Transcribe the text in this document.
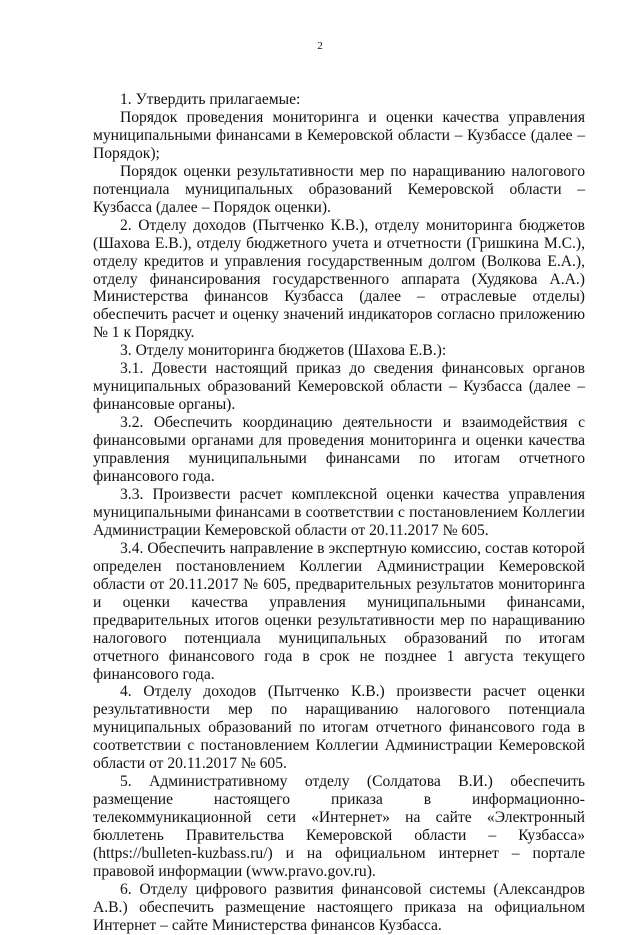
2

1. Утвердить прилагаемые:

Порядок проведения мониторинга и оценки качества управления муниципальными финансами в Кемеровской области – Кузбассе (далее – Порядок);

Порядок оценки результативности мер по наращиванию налогового потенциала муниципальных образований Кемеровской области – Кузбасса (далее – Порядок оценки).

2. Отделу доходов (Пытченко К.В.), отделу мониторинга бюджетов (Шахова Е.В.), отделу бюджетного учета и отчетности (Гришкина М.С.), отделу кредитов и управления государственным долгом (Волкова Е.А.), отделу финансирования государственного аппарата (Худякова А.А.) Министерства финансов Кузбасса (далее – отраслевые отделы) обеспечить расчет и оценку значений индикаторов согласно приложению № 1 к Порядку.

3. Отделу мониторинга бюджетов (Шахова Е.В.):

3.1. Довести настоящий приказ до сведения финансовых органов муниципальных образований Кемеровской области – Кузбасса (далее – финансовые органы).

3.2. Обеспечить координацию деятельности и взаимодействия с финансовыми органами для проведения мониторинга и оценки качества управления муниципальными финансами по итогам отчетного финансового года.

3.3. Произвести расчет комплексной оценки качества управления муниципальными финансами в соответствии с постановлением Коллегии Администрации Кемеровской области от 20.11.2017 № 605.

3.4. Обеспечить направление в экспертную комиссию, состав которой определен постановлением Коллегии Администрации Кемеровской области от 20.11.2017 № 605, предварительных результатов мониторинга и оценки качества управления муниципальными финансами, предварительных итогов оценки результативности мер по наращиванию налогового потенциала муниципальных образований по итогам отчетного финансового года в срок не позднее 1 августа текущего финансового года.

4. Отделу доходов (Пытченко К.В.) произвести расчет оценки результативности мер по наращиванию налогового потенциала муниципальных образований по итогам отчетного финансового года в соответствии с постановлением Коллегии Администрации Кемеровской области от 20.11.2017 № 605.

5. Административному отделу (Солдатова В.И.) обеспечить размещение настоящего приказа в информационно-телекоммуникационной сети «Интернет» на сайте «Электронный бюллетень Правительства Кемеровской области – Кузбасса» (https://bulleten-kuzbass.ru/) и на официальном интернет – портале правовой информации (www.pravo.gov.ru).

6. Отделу цифрового развития финансовой системы (Александров А.В.) обеспечить размещение настоящего приказа на официальном Интернет – сайте Министерства финансов Кузбасса.
